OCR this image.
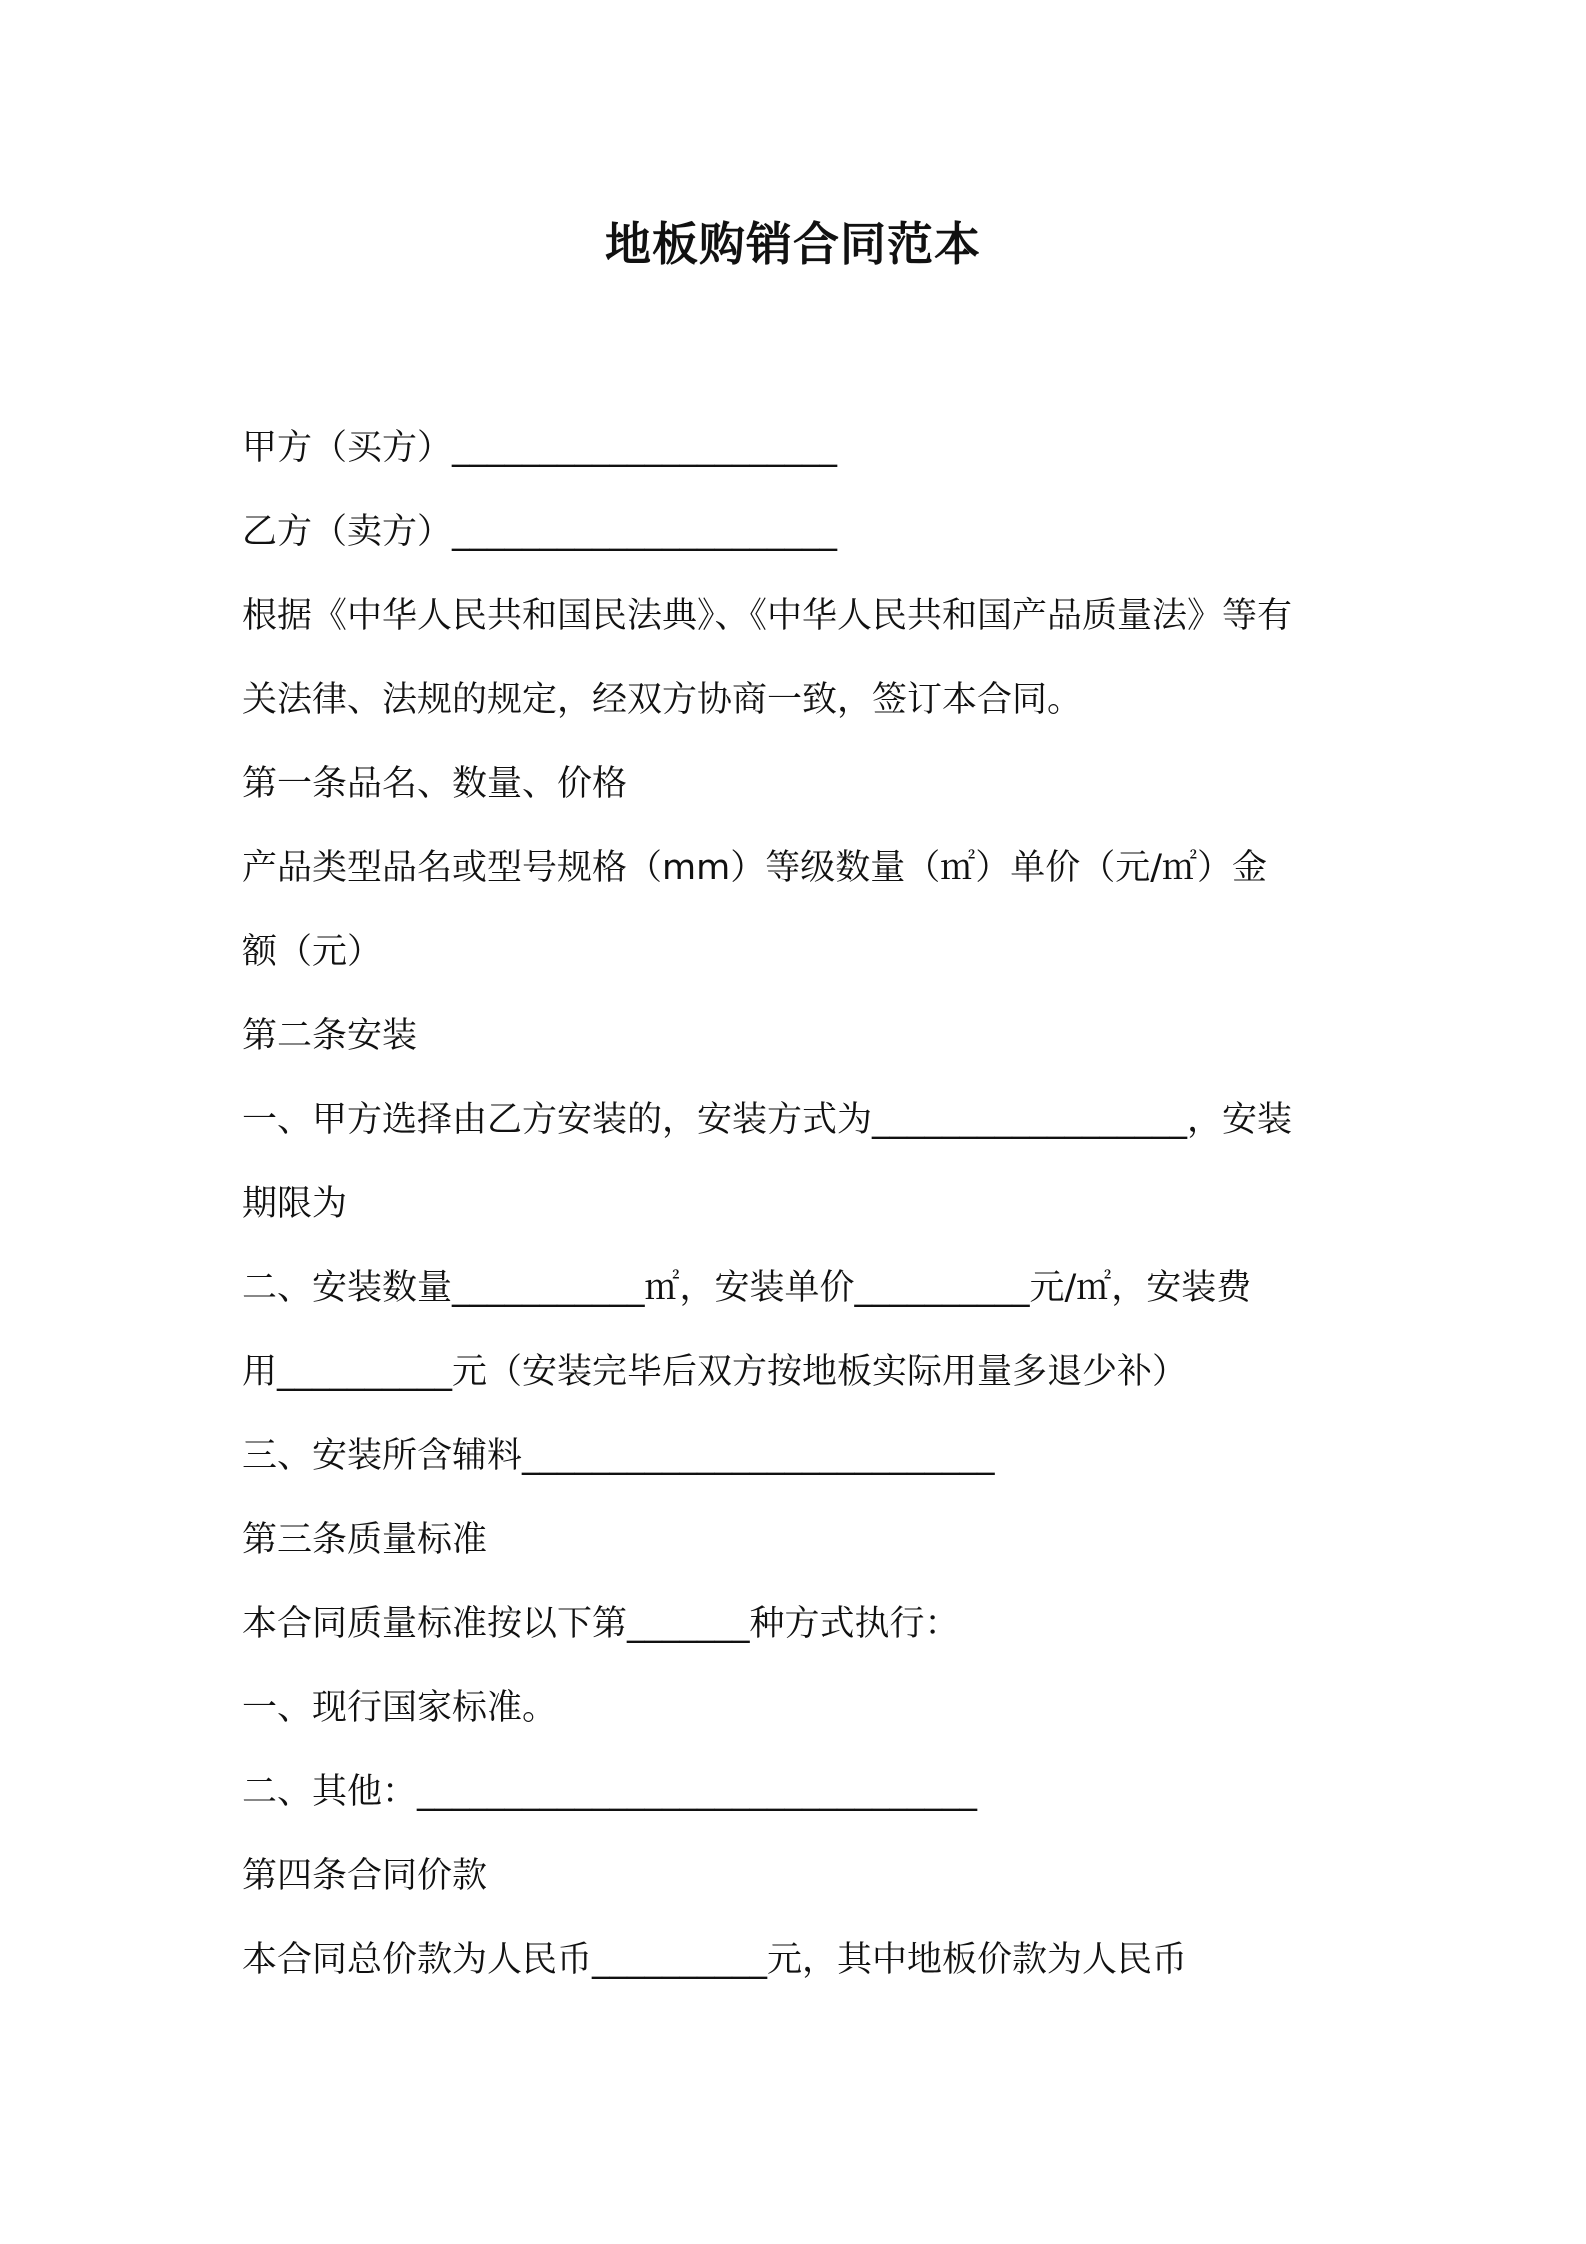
地板购销合同范本
甲方（买方）______________________
乙方（卖方）______________________
根据《中华人民共和国民法典》、《中华人民共和国产品质量法》等有
关法律、法规的规定，经双方协商一致，签订本合同。
第一条品名、数量、价格
产品类型品名或型号规格（mm）等级数量（㎡）单价（元/㎡）金
额（元）
第二条安装
一、甲方选择由乙方安装的，安装方式为__________________，安装
期限为
二、安装数量___________㎡，安装单价__________元/㎡，安装费
用__________元（安装完毕后双方按地板实际用量多退少补）
三、安装所含辅料___________________________
第三条质量标准
本合同质量标准按以下第_______种方式执行：
一、现行国家标准。
二、其他：________________________________
第四条合同价款
本合同总价款为人民币__________元，其中地板价款为人民币
